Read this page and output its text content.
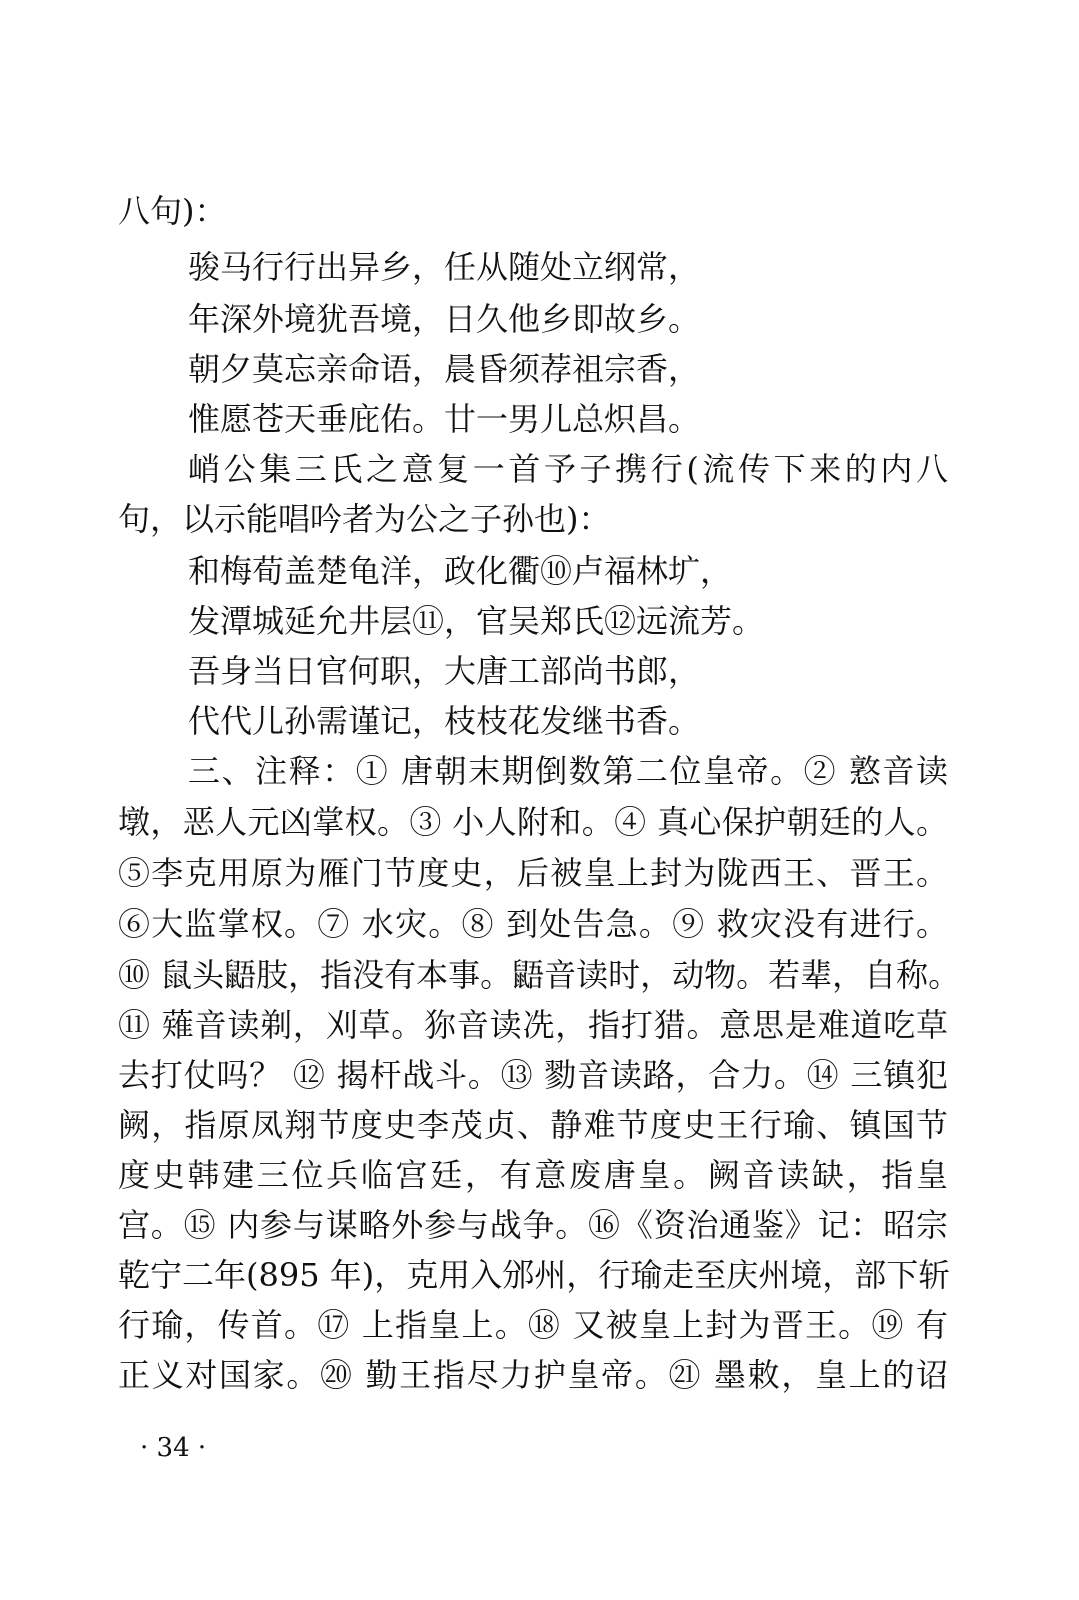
八句)：
骏马行行出异乡，任从随处立纲常，
年深外境犹吾境，日久他乡即故乡。
朝夕莫忘亲命语，晨昏须荐祖宗香，
惟愿苍天垂庇佑。廿一男儿总炽昌。
峭公集三氏之意复一首予子携行(流传下来的内八
句，以示能唱吟者为公之子孙也)：
和梅荀盖楚龟洋，政化衢⑩卢福林圹，
发潭城延允井层⑪，官吴郑氏⑫远流芳。
吾身当日官何职，大唐工部尚书郎，
代代儿孙需谨记，枝枝花发继书香。
三、注释：① 唐朝末期倒数第二位皇帝。② 憝音读
墩，恶人元凶掌权。③ 小人附和。④ 真心保护朝廷的人。
⑤李克用原为雁门节度史，后被皇上封为陇西王、晋王。
⑥大监掌权。⑦ 水灾。⑧ 到处告急。⑨ 救灾没有进行。
⑩ 鼠头鼯肢，指没有本事。鼯音读时，动物。若辈，自称。
⑪ 薙音读剃，刈草。狝音读冼，指打猎。意思是难道吃草
去打仗吗？ ⑫ 揭杆战斗。⑬ 勠音读路，合力。⑭ 三镇犯
阙，指原凤翔节度史李茂贞、静难节度史王行瑜、镇国节
度史韩建三位兵临宫廷，有意废唐皇。阙音读缺，指皇
宫。⑮ 内参与谋略外参与战争。⑯《资治通鉴》记：昭宗
乾宁二年(895 年)，克用入邠州，行瑜走至庆州境，部下斩
行瑜，传首。⑰ 上指皇上。⑱ 又被皇上封为晋王。⑲ 有
正义对国家。⑳ 勤王指尽力护皇帝。㉑ 墨敕，皇上的诏
· 34 ·
